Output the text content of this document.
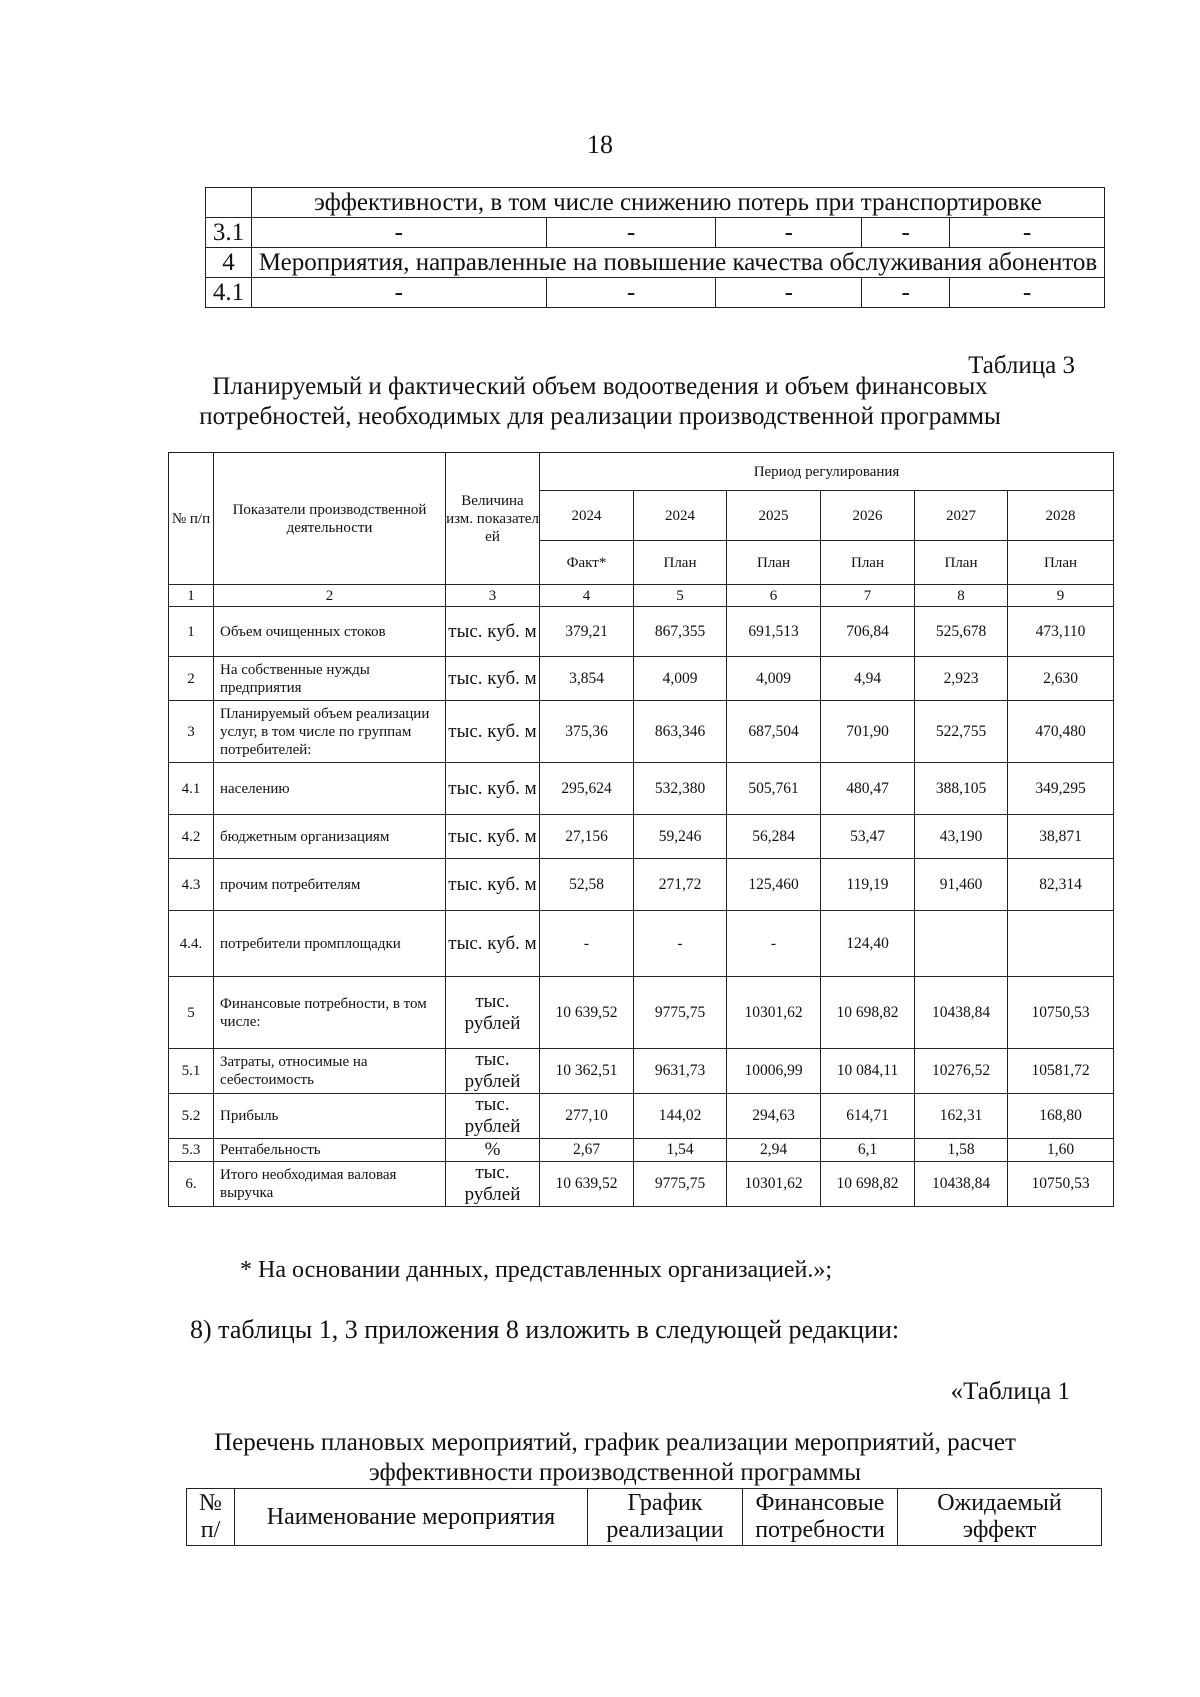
18
	эффективности, в том числе снижению потерь при транспортировке				
3.1	-	-	-	-	-
4	Мероприятия, направленные на повышение качества обслуживания абонентов				
4.1	-	-	-	-	-
Таблица 3
Планируемый и фактический объем водоотведения и объем финансовых потребностей, необходимых для реализации производственной программы
№ п/п	Показатели производственной деятельности	Величина изм. показател ей	Период регулирования					
			2024	2024	2025	2026	2027	2028
			Факт*	План	План	План	План	План
1	2	3	4	5	6	7	8	9
1	Объем очищенных стоков	тыс. куб. м	379,21	867,355	691,513	706,84	525,678	473,110
2	На собственные нужды предприятия	тыс. куб. м	3,854	4,009	4,009	4,94	2,923	2,630
3	Планируемый объем реализации услуг, в том числе по группам потребителей:	тыс. куб. м	375,36	863,346	687,504	701,90	522,755	470,480
4.1	населению	тыс. куб. м	295,624	532,380	505,761	480,47	388,105	349,295
4.2	бюджетным организациям	тыс. куб. м	27,156	59,246	56,284	53,47	43,190	38,871
4.3	прочим потребителям	тыс. куб. м	52,58	271,72	125,460	119,19	91,460	82,314
4.4.	потребители промплощадки	тыс. куб. м	-	-	-	124,40		
5	Финансовые потребности, в том числе:	тыс. рублей	10 639,52	9775,75	10301,62	10 698,82	10438,84	10750,53
5.1	Затраты, относимые на себестоимость	тыс. рублей	10 362,51	9631,73	10006,99	10 084,11	10276,52	10581,72
5.2	Прибыль	тыс. рублей	277,10	144,02	294,63	614,71	162,31	168,80
5.3	Рентабельность	%	2,67	1,54	2,94	6,1	1,58	1,60
6.	Итого необходимая валовая выручка	тыс. рублей	10 639,52	9775,75	10301,62	10 698,82	10438,84	10750,53
* На основании данных, представленных организацией.»;
8) таблицы 1, 3 приложения 8 изложить в следующей редакции:
«Таблица 1
Перечень плановых мероприятий, график реализации мероприятий, расчет эффективности производственной программы
№ п/	Наименование мероприятия	График реализации	Финансовые потребности	Ожидаемый эффект
